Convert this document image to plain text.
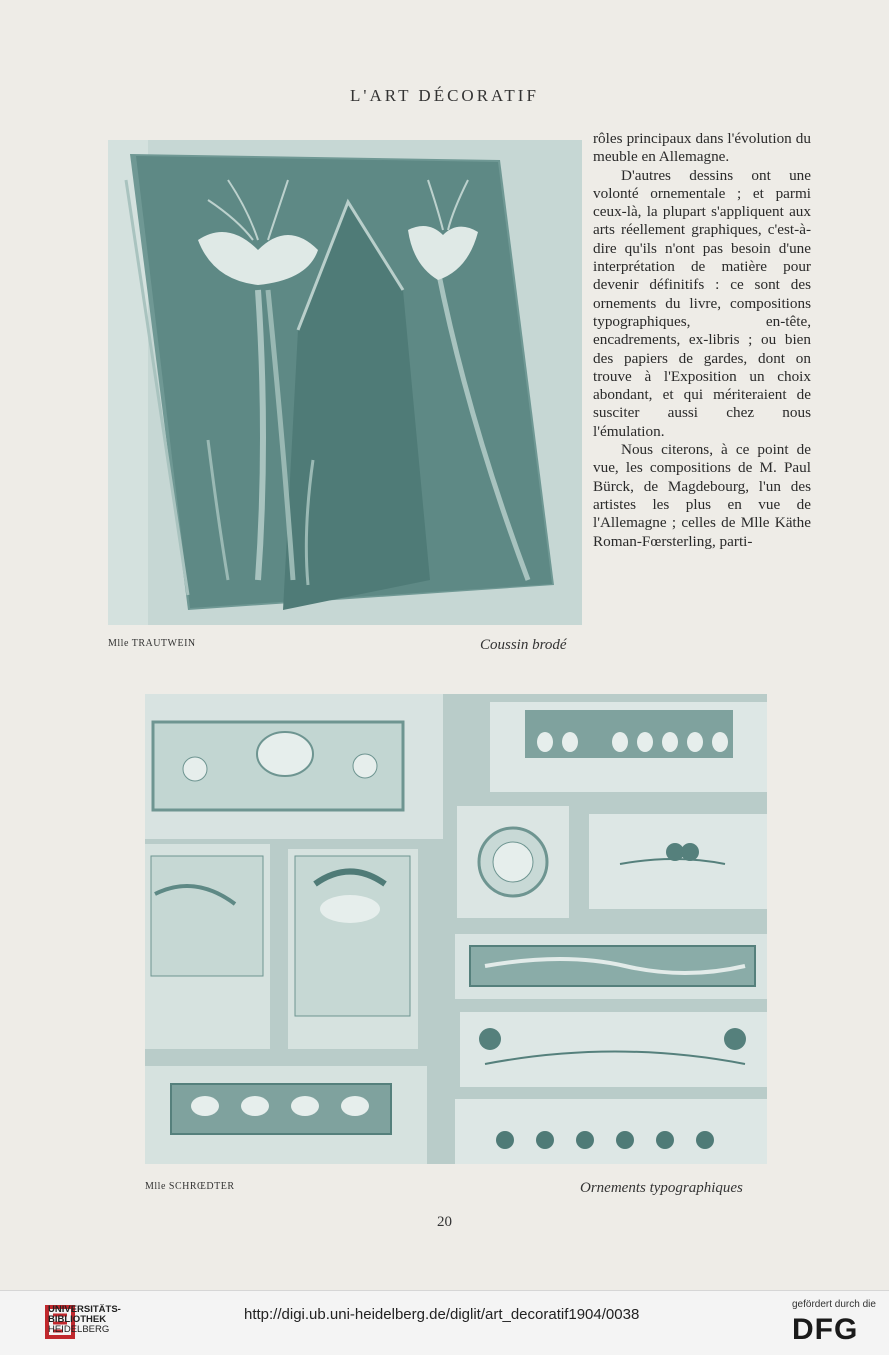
L'ART DÉCORATIF
Mlle TRAUTWEIN	Coussin brodé

rôles principaux dans l'évolution du meuble en Allemagne.

D'autres dessins ont une volonté ornementale ; et parmi ceux-là, la plupart s'appliquent aux arts réellement graphiques, c'est-à-dire qu'ils n'ont pas besoin d'une interprétation de matière pour devenir définitifs : ce sont des ornements du livre, compositions typographiques, en-tête, encadrements, ex-libris ; ou bien des papiers de gardes, dont on trouve à l'Exposition un choix abondant, et qui mériteraient de susciter aussi chez nous l'émulation.

Nous citerons, à ce point de vue, les compositions de M. Paul Bürck, de Magdebourg, l'un des artistes les plus en vue de l'Allemagne ; celles de Mlle Käthe Roman-Fœrsterling, parti-

Mlle SCHRŒDTER	Ornements typographiques
20
UNIVERSITÄTS-
BIBLIOTHEK
HEIDELBERG
http://digi.ub.uni-heidelberg.de/diglit/art_decoratif1904/0038
gefördert durch die
DFG
